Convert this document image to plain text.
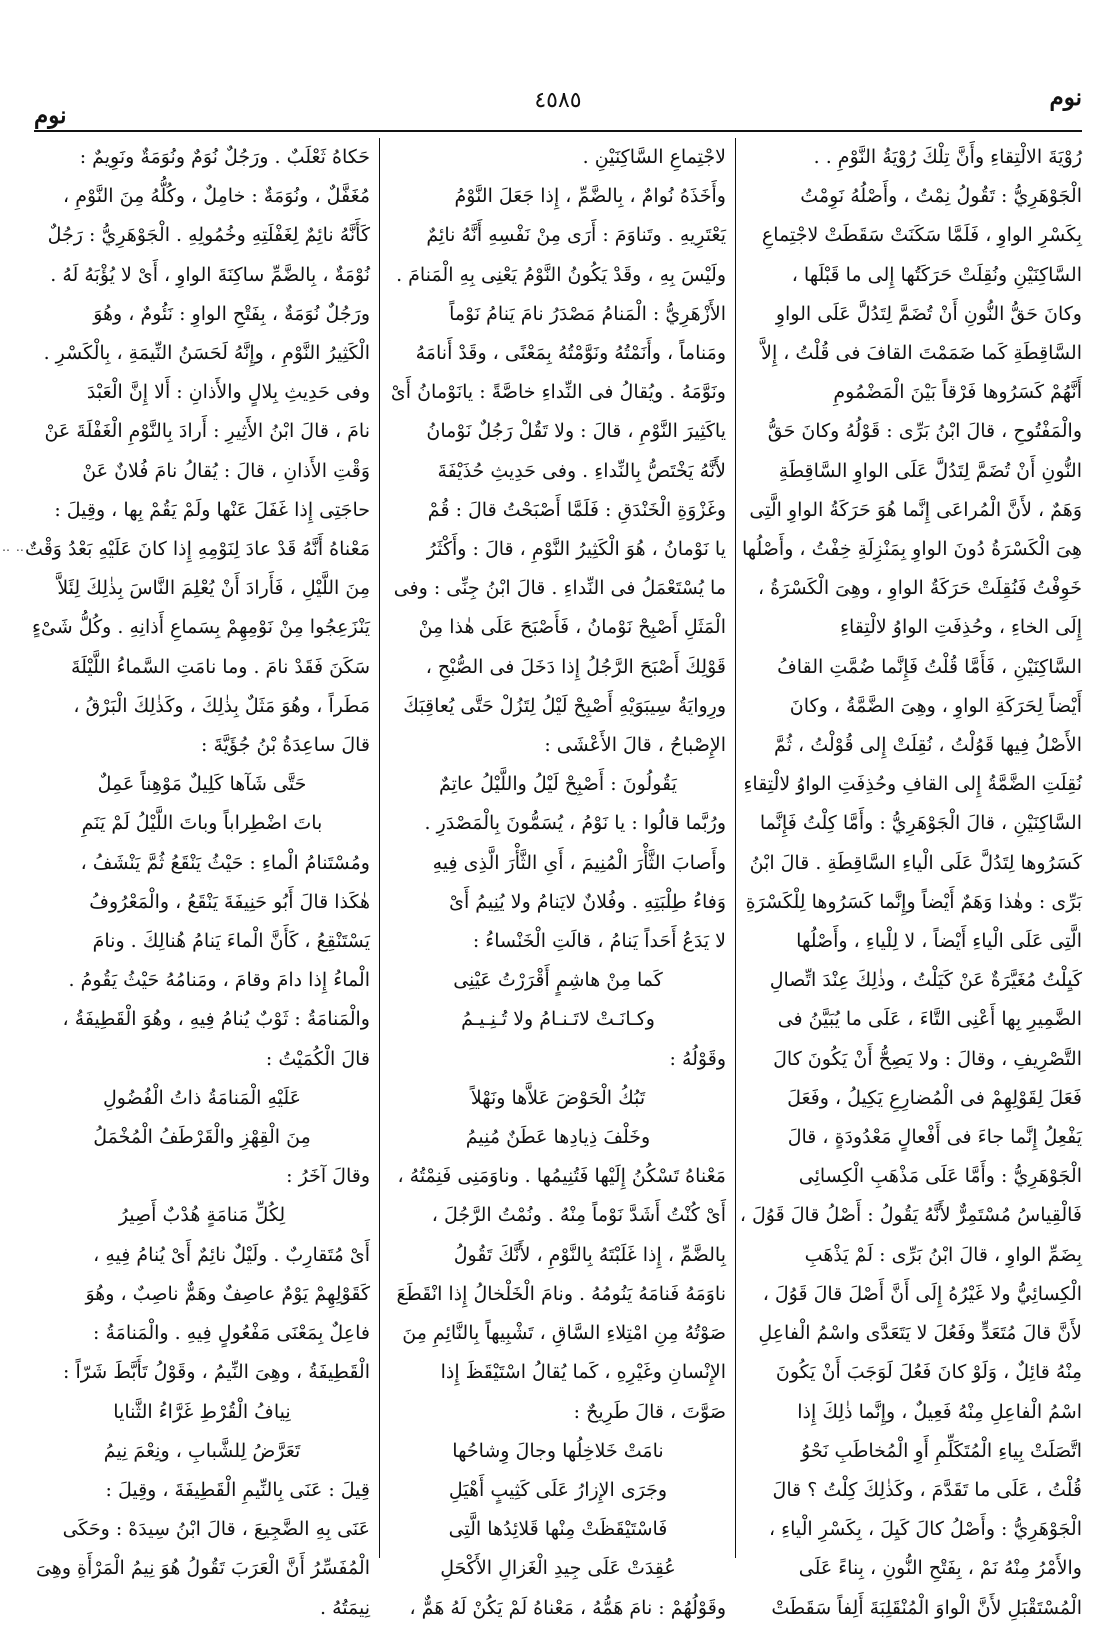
نوم
٤٥٨٥
نوم
رُوْيَةَ الالْتِقاءِ وأَنَّ تِلْكَ رُوْيَةُ النَّوْمِ . .
الْجَوْهَرِيُّ : تَقُولُ نِمْتُ ، وأَصْلُهُ نَوِمْتُ
بِكَسْرِ الواوِ ، فَلَمَّا سَكَنَتْ سَقَطَتْ لاجْتِماعِ
السَّاكِنَيْنِ ونُقِلَتْ حَرَكَتُها إِلى ما قَبْلَها ،
وكانَ حَقُّ النُّونِ أَنْ تُضَمَّ لِتَدُلَّ عَلَى الواوِ
السَّاقِطَةِ كَما ضَمَمْتَ القافَ فى قُلْتُ ، إِلاَّ
أَنَّهُمْ كَسَرُوها فَرْقاً بَيْنَ الْمَضْمُومِ
والْمَفْتُوحِ ، قالَ ابْنُ بَرِّى : قَوْلُهُ وكانَ حَقُّ
النُّونِ أَنْ تُضَمَّ لِتَدُلَّ عَلَى الواوِ السَّاقِطَةِ
وَهَمٌ ، لأَنَّ الْمُراعَى إِنَّما هُوَ حَرَكَةُ الواوِ الَّتِى
هِىَ الْكَسْرَةُ دُونَ الواوِ بِمَنْزِلَةِ خِفْتُ ، وأَصْلُها
خَوِفْتُ فَنُقِلَتْ حَرَكَةُ الواوِ ، وهِىَ الْكَسْرَةُ ،
إِلَى الخاءِ ، وحُذِفَتِ الواوُ لالْتِقاءِ
السَّاكِنَيْنِ ، فَأَمَّا قُلْتُ فَإِنَّما ضُمَّتِ القافُ
أَيْضاً لِحَرَكَةِ الواوِ ، وهِىَ الضَّمَّةُ ، وكانَ
الأَصْلُ فِيها قَوُلْتُ ، نُقِلَتْ إِلى قُوْلْتُ ، ثُمَّ
نُقِلَتِ الضَّمَّةُ إِلى القافِ وحُذِفَتِ الواوُ لالْتِقاءِ
السَّاكِنَيْنِ ، قالَ الْجَوْهَرِيُّ : وأَمَّا كِلْتُ فَإِنَّما
كَسَرُوها لِتَدُلَّ عَلَى الْياءِ السَّاقِطَةِ . قالَ ابْنُ
بَرِّى : وهٰذا وَهَمٌ أَيْضاً وإِنَّما كَسَرُوها لِلْكَسْرَةِ
الَّتِى عَلَى الْياءِ أَيْضاً ، لا لِلْياءِ ، وأَصْلُها
كَيِلْتُ مُغَيَّرَةٌ عَنْ كَيَلْتُ ، وذٰلِكَ عِنْدَ اتِّصالِ
الضَّمِيرِ بِها أَعْنِى التَّاءَ ، عَلَى ما يُبَيَّنُ فى
التَّصْرِيفِ ، وقالَ : ولا يَصِحُّ أَنْ يَكُونَ كالَ
فَعَلَ لِقَوْلِهِمْ فى الْمُضارِعِ يَكِيلُ ، وفَعَلَ
يَفْعِلُ إِنَّما جاءَ فى أَفْعالٍ مَعْدُودَةٍ ، قالَ
الْجَوْهَرِيُّ : وأَمَّا عَلَى مَذْهَبِ الْكِسائِى
فَالْقِياسُ مُسْتَمِرٌّ لأَنَّهُ يَقُولُ : أَصْلُ قالَ قَوُلَ ،
بِضَمِّ الواوِ ، قالَ ابْنُ بَرِّى : لَمْ يَذْهَبِ
الْكِسائِيُّ ولا غَيْرُهُ إِلَى أَنَّ أَصْلَ قالَ قَوُلَ ،
لأَنَّ قالَ مُتَعَدٍّ وفَعُلَ لا يَتَعَدَّى واسْمُ الْفاعِلِ
مِنْهُ قائِلٌ ، وَلَوْ كانَ فَعُلَ لَوَجَبَ أَنْ يَكُونَ
اسْمُ الْفاعِلِ مِنْهُ فَعِيلٌ ، وإِنَّما ذٰلِكَ إِذا
اتَّصَلَتْ بِياءِ الْمُتَكَلِّمِ أَوِ الْمُخاطَبِ نَحْوُ
قُلْتُ ، عَلَى ما تَقَدَّمَ ، وكَذٰلِكَ كِلْتُ ؟ قالَ
الْجَوْهَرِيُّ : وأَصْلُ كالَ كَيِلَ ، بِكَسْرِ الْياءِ ،
والأَمْرُ مِنْهُ نَمْ ، بِفَتْحِ النُّونِ ، بِناءً عَلَى
الْمُسْتَقْبَلِ لأَنَّ الْواوَ الْمُنْقَلِبَةَ أَلِفاً سَقَطَتْ
لاجْتِماعِ السَّاكِنَيْنِ .
وأَخَذَهُ نُوامٌ ، بِالضَّمِّ ، إِذا جَعَلَ النَّوْمُ
يَعْتَرِيهِ . وتَناوَمَ : أَرَى مِنْ نَفْسِهِ أَنَّهُ نائِمٌ
ولَيْسَ بِهِ ، وقَدْ يَكُونُ النَّوْمُ يَعْنِى بِهِ الْمَنامَ .
الأَزْهَرِيُّ : الْمَنامُ مَصْدَرُ نامَ يَنامُ نَوْماً
ومَناماً ، وأَنَمْتُهُ ونَوَّمْتُهُ بِمَعْنًى ، وقَدْ أَنامَهُ
ونَوَّمَهُ . ويُقالُ فى النِّداءِ خاصَّةً : يانَوْمانُ أَىْ
ياكَثِيرَ النَّوْمِ ، قالَ : ولا تَقُلْ رَجُلٌ نَوْمانُ
لأَنَّهُ يَخْتَصُّ بِالنِّداءِ . وفى حَدِيثِ حُذَيْفَةَ
وغَزْوَةِ الْخَنْدَقِ : فَلَمَّا أَصْبَحْتُ قالَ : قُمْ
يا نَوْمانُ ، هُوَ الْكَثِيرُ النَّوْمِ ، قالَ : وأَكْثَرُ
ما يُسْتَعْمَلُ فى النِّداءِ . قالَ ابْنُ جِنِّى : وفى
الْمَثَلِ أَصْبِحْ نَوْمانُ ، فَأَصْبَحَ عَلَى هٰذا مِنْ
قَوْلِكَ أَصْبَحَ الرَّجُلُ إِذا دَخَلَ فى الصُّبْحِ ،
ورِوايَةُ سِيبَوَيْهِ أَصْبِحْ لَيْلُ لِتَزُلْ حَتَّى يُعاقِبَكَ
الإِصْباحُ ، قالَ الأَعْشَى :
يَقُولُونَ : أَصْبِحْ لَيْلُ واللَّيْلُ عاتِمٌ
ورُبَّما قالُوا : يا نَوْمُ ، يُسَمُّونَ بِالْمَصْدَرِ .
وأَصابَ الثَّأْرَ الْمُنِيمَ ، أَىِ الثَّأْرَ الَّذِى فِيهِ
وَفاءُ طِلْبَتِهِ . وفُلانٌ لايَنامُ ولا يُنِيمُ أَىْ
لا يَدَعُ أَحَداً يَنامُ ، قالَتِ الْخَنْساءُ :
كَما مِنْ هاشِمٍ أَقْرَرْتُ عَيْنِى
وكـانَـتْ لاتَـنـامُ ولا تُـنِـيـمُ
وقَوْلُهُ :
تَبُكُ الْحَوْضَ عَلاَّها ونَهْلاً
وخَلْفَ ذِيادِها عَطَنٌ مُنِيمُ
مَعْناهُ تَسْكُنُ إِلَيْها فَتُنِيمُها . وناوَمَنِى فَنِمْتُهُ ،
أَىْ كُنْتُ أَشَدَّ نَوْماً مِنْهُ . ونُمْتُ الرَّجُلَ ،
بِالضَّمِّ ، إِذا غَلَبْتَهُ بِالنَّوْمِ ، لأَنَّكَ تَقُولُ
ناوَمَهُ فَنامَهُ يَنُومُهُ . ونامَ الْخَلْخالُ إِذا انْقَطَعَ
صَوْتُهُ مِنِ امْتِلاءِ السَّاقِ ، تَشْبِيهاً بِالنَّائِمِ مِنَ
الإِنْسانِ وغَيْرِهِ ، كَما يُقالُ اسْتَيْقَظَ إِذا
صَوَّتَ ، قالَ طَرِيحٌ :
نامَتْ خَلاخِلُها وجالَ وِشاحُها
وجَرَى الإِزارُ عَلَى كَثِيبٍ أَهْيَلِ
فَاسْتَيْقَظَتْ مِنْها قَلائِدُها الَّتِى
عُقِدَتْ عَلَى جِيدِ الْغَزالِ الأَكْحَلِ
وقَوْلُهُمْ : نامَ هَمُّهُ ، مَعْناهُ لَمْ يَكُنْ لَهُ هَمٌّ ،
حَكاهُ ثَعْلَبٌ . ورَجُلٌ نُوَمٌ ونُوَمَةٌ ونَوِيمٌ :
مُغَفَّلٌ ، ونُوَمَةٌ : خامِلٌ ، وكُلُّهُ مِنَ النَّوْمِ ،
كَأَنَّهُ نائِمٌ لِغَفْلَتِهِ وخُمُولِهِ . الْجَوْهَرِيُّ : رَجُلٌ
نُوْمَةٌ ، بِالضَّمِّ ساكِنَةَ الواوِ ، أَىْ لا يُؤْبَهُ لَهُ .
ورَجُلٌ نُوَمَةٌ ، بِفَتْحِ الواوِ : نَئُومٌ ، وهُوَ
الْكَثِيرُ النَّوْمِ ، وإِنَّهُ لَحَسَنُ النِّيمَةِ ، بِالْكَسْرِ .
وفى حَدِيثِ بِلالٍ والأَذانِ : أَلا إِنَّ الْعَبْدَ
نامَ ، قالَ ابْنُ الأَثِيرِ : أَرادَ بِالنَّوْمِ الْغَفْلَةَ عَنْ
وَقْتِ الأَذانِ ، قالَ : يُقالُ نامَ فُلانٌ عَنْ
حاجَتِى إِذا غَفَلَ عَنْها ولَمْ يَقُمْ بِها ، وقِيلَ :
مَعْناهُ أَنَّهُ قَدْ عادَ لِنَوْمِهِ إِذا كانَ عَلَيْهِ بَعْدُ وَقْتٌ
مِنَ اللَّيْلِ ، فَأَرادَ أَنْ يُعْلِمَ النَّاسَ بِذٰلِكَ لِئَلاَّ
يَنْزَعِجُوا مِنْ نَوْمِهِمْ بِسَماعِ أَذانِهِ . وكُلُّ شَىْءٍ
سَكَنَ فَقَدْ نامَ . وما نامَتِ السَّماءُ اللَّيْلَةَ
مَطَراً ، وهُوَ مَثَلٌ بِذٰلِكَ ، وكَذٰلِكَ الْبَرْقُ ،
قالَ ساعِدَةُ بْنُ جُؤَيَّةَ :
حَتَّى شَآها كَلِيلٌ مَوْهِناً عَمِلٌ
باتَ اضْطِراباً وباتَ اللَّيْلُ لَمْ يَنَمِ
ومُسْتَنامُ الْماءِ : حَيْثُ يَنْقَعُ ثُمَّ يَنْشَفُ ،
هٰكَذا قالَ أَبُو حَنِيفَةَ يَنْقَعُ ، والْمَعْرُوفُ
يَسْتَنْقِعُ ، كَأَنَّ الْماءَ يَنامُ هُنالِكَ . ونامَ
الْماءُ إِذا دامَ وقامَ ، ومَنامُهُ حَيْثُ يَقُومُ .
والْمَنامَةُ : ثَوْبٌ يُنامُ فِيهِ ، وهُوَ الْقَطِيفَةُ ،
قالَ الْكُمَيْتُ :
عَلَيْهِ الْمَنامَةُ ذاتُ الْفُضُولِ
مِنَ الْقِهْزِ والْقَرْطَفُ الْمُخْمَلُ
وقالَ آخَرُ :
لِكُلِّ مَنامَةٍ هُدْبٌ أَصِيرُ
أَىْ مُتَقارِبٌ . ولَيْلٌ نائِمٌ أَىْ يُنامُ فِيهِ ،
كَقَوْلِهِمْ يَوْمٌ عاصِفٌ وهَمٌّ ناصِبٌ ، وهُوَ
فاعِلٌ بِمَعْنَى مَفْعُولٍ فِيهِ . والْمَنامَةُ :
الْقَطِيفَةُ ، وهِىَ النِّيمُ ، وقَوْلُ تَأَبَّطَ شَرّاً :
نِيافُ الْقُرْطِ غَرَّاءُ الثَّنايا
تَعَرَّضُ لِلشَّبابِ ، ونِعْمَ نِيمُ
قِيلَ : عَنَى بِالنِّيمِ الْقَطِيفَةَ ، وقِيلَ :
عَنَى بِهِ الضَّجِيعَ ، قالَ ابْنُ سِيدَهْ : وحَكَى
الْمُفَسِّرُ أَنَّ الْعَرَبَ تَقُولُ هُوَ نِيمُ الْمَرْأَةِ وهِىَ
نِيمَتُهُ .
‥ ‥
